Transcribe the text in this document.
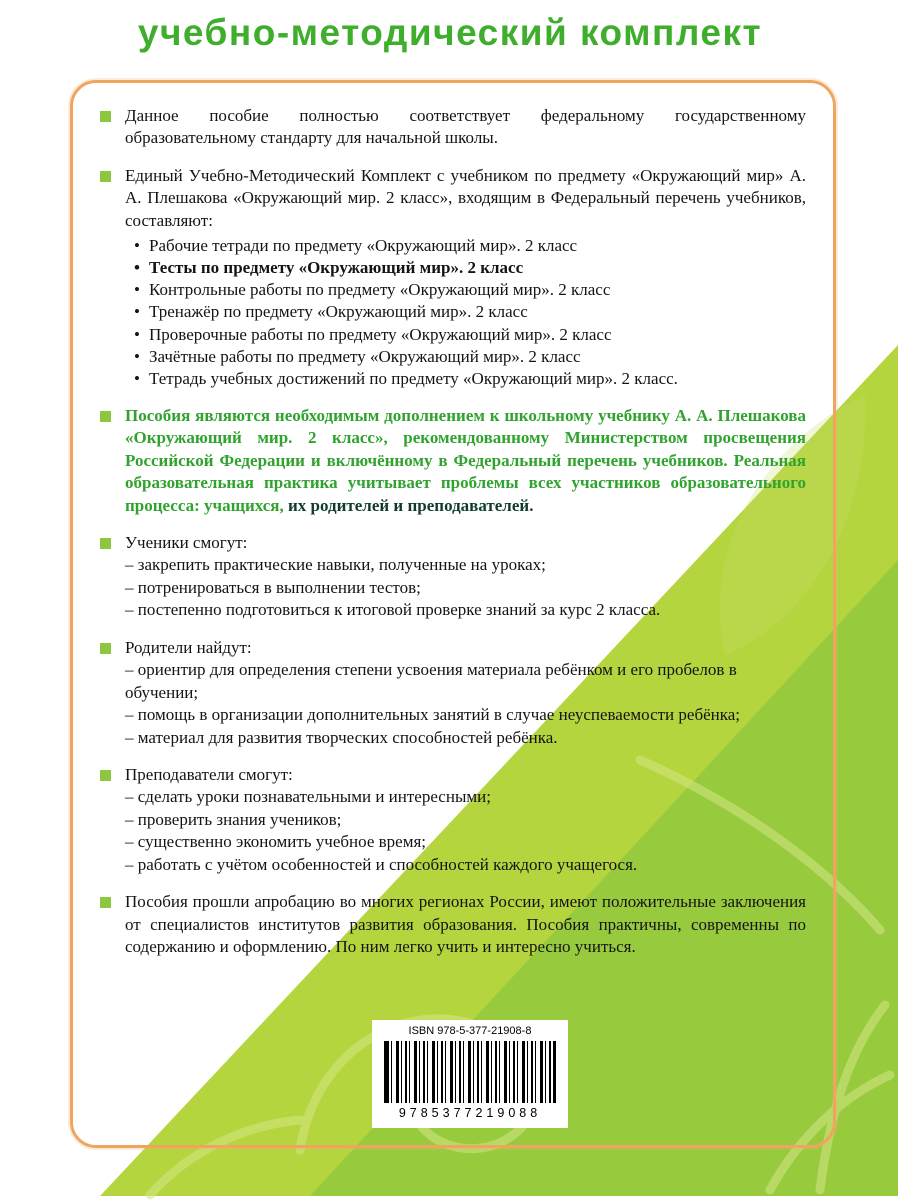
учебно-методический комплект
Данное пособие полностью соответствует федеральному государственному образовательному стандарту для начальной школы.
Единый Учебно-Методический Комплект с учебником по предмету «Окружающий мир» А. А. Плешакова «Окружающий мир. 2 класс», входящим в Федеральный перечень учебников, составляют:
• Рабочие тетради по предмету «Окружающий мир». 2 класс
• Тесты по предмету «Окружающий мир». 2 класс
• Контрольные работы по предмету «Окружающий мир». 2 класс
• Тренажёр по предмету «Окружающий мир». 2 класс
• Проверочные работы по предмету «Окружающий мир». 2 класс
• Зачётные работы по предмету «Окружающий мир». 2 класс
• Тетрадь учебных достижений по предмету «Окружающий мир». 2 класс.
Пособия являются необходимым дополнением к школьному учебнику А. А. Плешакова «Окружающий мир. 2 класс», рекомендованному Министерством просвещения Российской Федерации и включённому в Федеральный перечень учебников. Реальная образовательная практика учитывает проблемы всех участников образовательного процесса: учащихся, их родителей и преподавателей.
Ученики смогут:
– закрепить практические навыки, полученные на уроках;
– потренироваться в выполнении тестов;
– постепенно подготовиться к итоговой проверке знаний за курс 2 класса.
Родители найдут:
– ориентир для определения степени усвоения материала ребёнком и его пробелов в обучении;
– помощь в организации дополнительных занятий в случае неуспеваемости ребёнка;
– материал для развития творческих способностей ребёнка.
Преподаватели смогут:
– сделать уроки познавательными и интересными;
– проверить знания учеников;
– существенно экономить учебное время;
– работать с учётом особенностей и способностей каждого учащегося.
Пособия прошли апробацию во многих регионах России, имеют положительные заключения от специалистов институтов развития образования. Пособия практичны, современны по содержанию и оформлению. По ним легко учить и интересно учиться.
ISBN 978-5-377-21908-8
9785377219088
